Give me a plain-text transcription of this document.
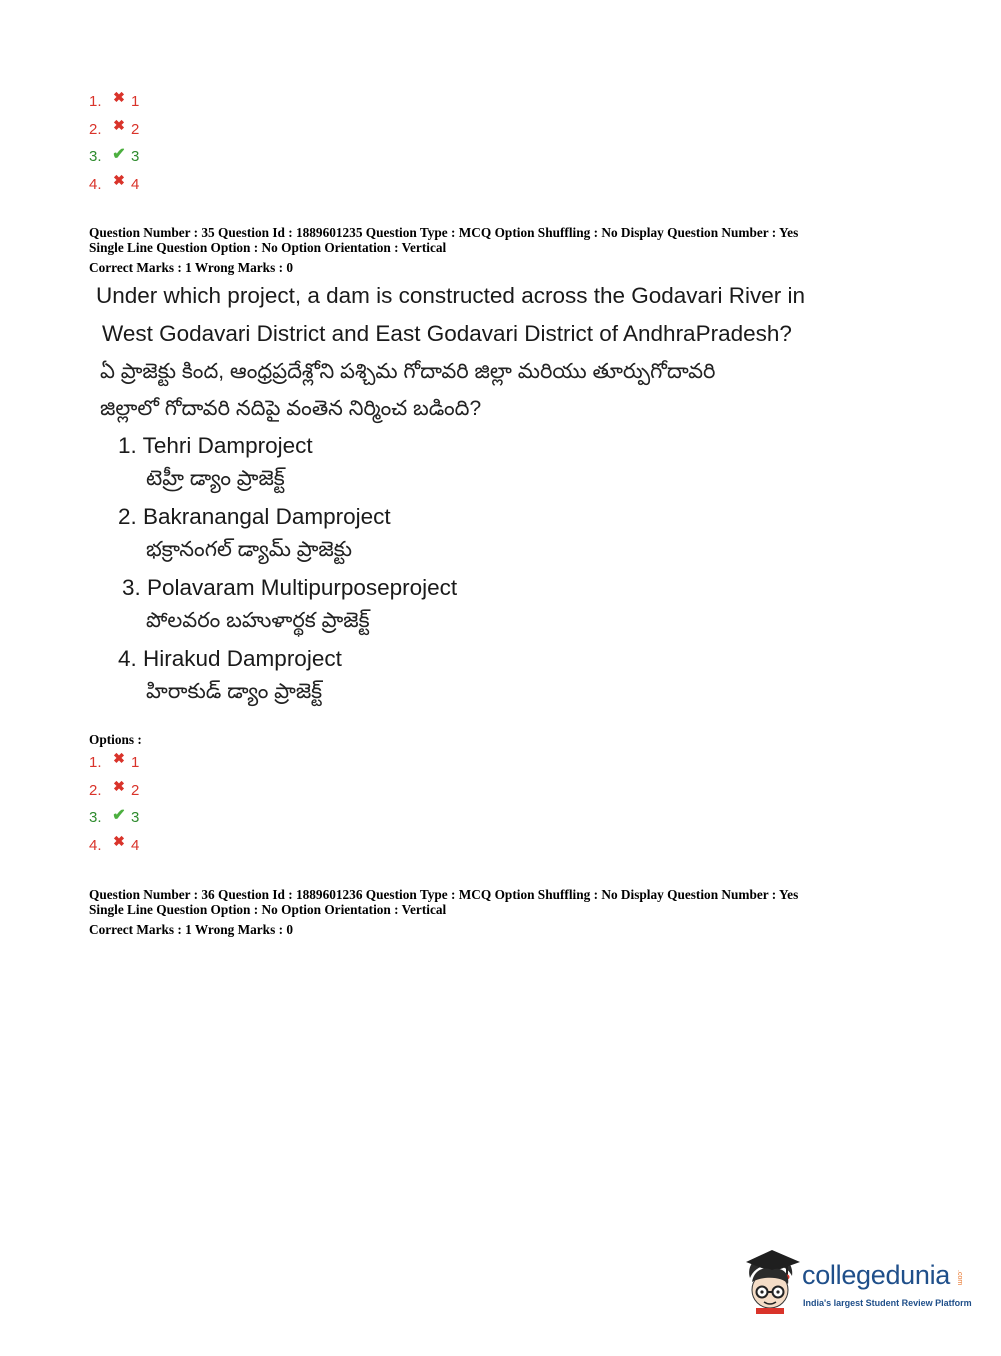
1. ✖ 1
2. ✖ 2
3. ✔ 3
4. ✖ 4
Question Number : 35 Question Id : 1889601235 Question Type : MCQ Option Shuffling : No Display Question Number : Yes
Single Line Question Option : No Option Orientation : Vertical
Correct Marks : 1 Wrong Marks : 0

Under which project, a dam is constructed across the Godavari River in

West Godavari District and East Godavari District of AndhraPradesh?

ఏ ప్రాజెక్టు కింద, ఆంధ్రప్రదేశ్లోని పశ్చిమ గోదావరి జిల్లా మరియు తూర్పుగోదావరి

జిల్లాలో గోదావరి నదిపై వంతెన నిర్మించ బడింది?

1. Tehri Damproject

టెహ్రీ డ్యాం ప్రాజెక్ట్

2. Bakranangal Damproject

భక్రానంగల్ డ్యామ్ ప్రాజెక్టు

3. Polavaram Multipurposeproject

పోలవరం బహుళార్థక ప్రాజెక్ట్

4. Hirakud Damproject

హిరాకుడ్ డ్యాం ప్రాజెక్ట్

Options :
1. ✖ 1
2. ✖ 2
3. ✔ 3
4. ✖ 4
Question Number : 36 Question Id : 1889601236 Question Type : MCQ Option Shuffling : No Display Question Number : Yes
Single Line Question Option : No Option Orientation : Vertical
Correct Marks : 1 Wrong Marks : 0
collegedunia .com
India's largest Student Review Platform
